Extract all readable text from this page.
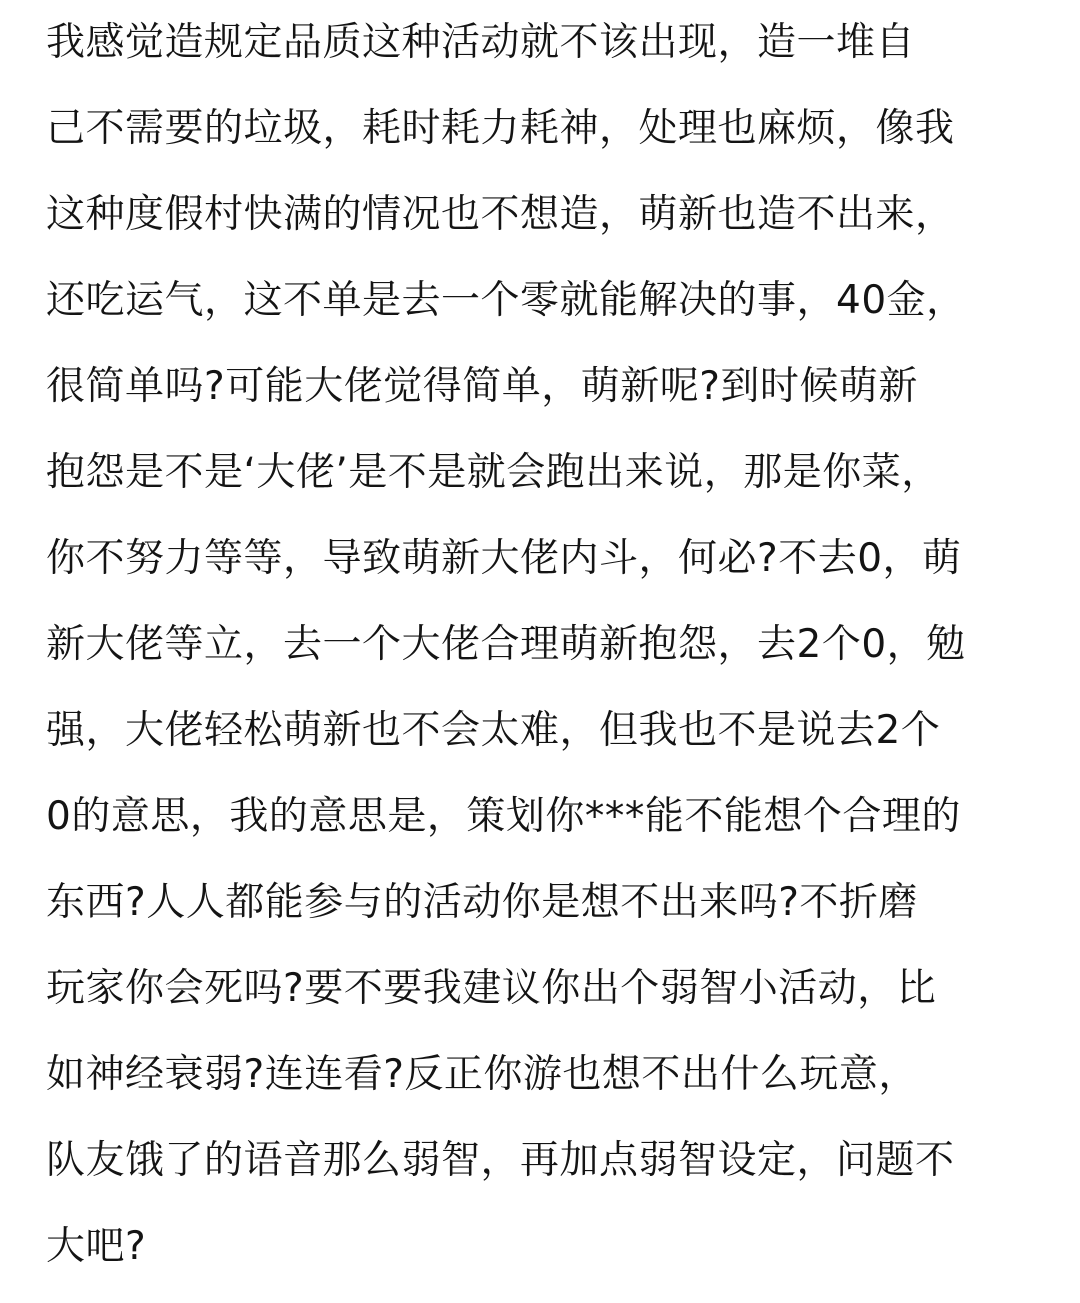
我感觉造规定品质这种活动就不该出现，造一堆自
己不需要的垃圾，耗时耗力耗神，处理也麻烦，像我
这种度假村快满的情况也不想造，萌新也造不出来，
还吃运气，这不单是去一个零就能解决的事，40金，
很简单吗?可能大佬觉得简单，萌新呢?到时候萌新
抱怨是不是‘大佬’是不是就会跑出来说，那是你菜，
你不努力等等，导致萌新大佬内斗，何必?不去0，萌
新大佬等立，去一个大佬合理萌新抱怨，去2个0，勉
强，大佬轻松萌新也不会太难，但我也不是说去2个
0的意思，我的意思是，策划你***能不能想个合理的
东西?人人都能参与的活动你是想不出来吗?不折磨
玩家你会死吗?要不要我建议你出个弱智小活动，比
如神经衰弱?连连看?反正你游也想不出什么玩意，
队友饿了的语音那么弱智，再加点弱智设定，问题不
大吧?
